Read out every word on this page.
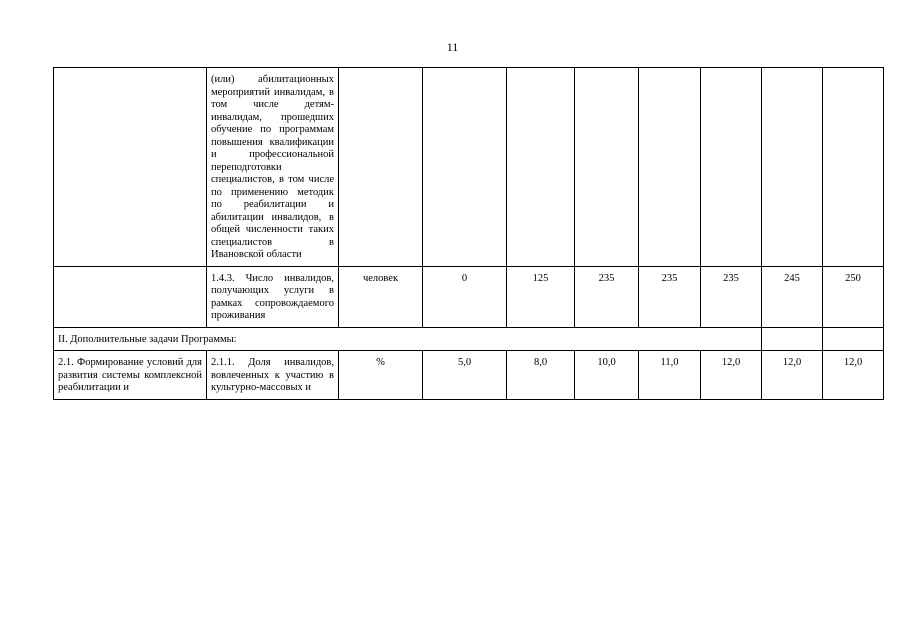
11
	(или) абилитационных мероприятий инвалидам, в том числе детям-инвалидам, прошедших обучение по программам повышения квалификации и профессиональной переподготовки специалистов, в том числе по применению методик по реабилитации и абилитации инвалидов, в общей численности таких специалистов в Ивановской области								
	1.4.3. Число инвалидов, получающих услуги в рамках сопровождаемого проживания	человек	0	125	235	235	235	245	250
II. Дополнительные задачи Программы:									
2.1. Формирование условий для развития системы комплексной реабилитации и	2.1.1. Доля инвалидов, вовлеченных к участию в культурно-массовых и	%	5,0	8,0	10,0	11,0	12,0	12,0	12,0
